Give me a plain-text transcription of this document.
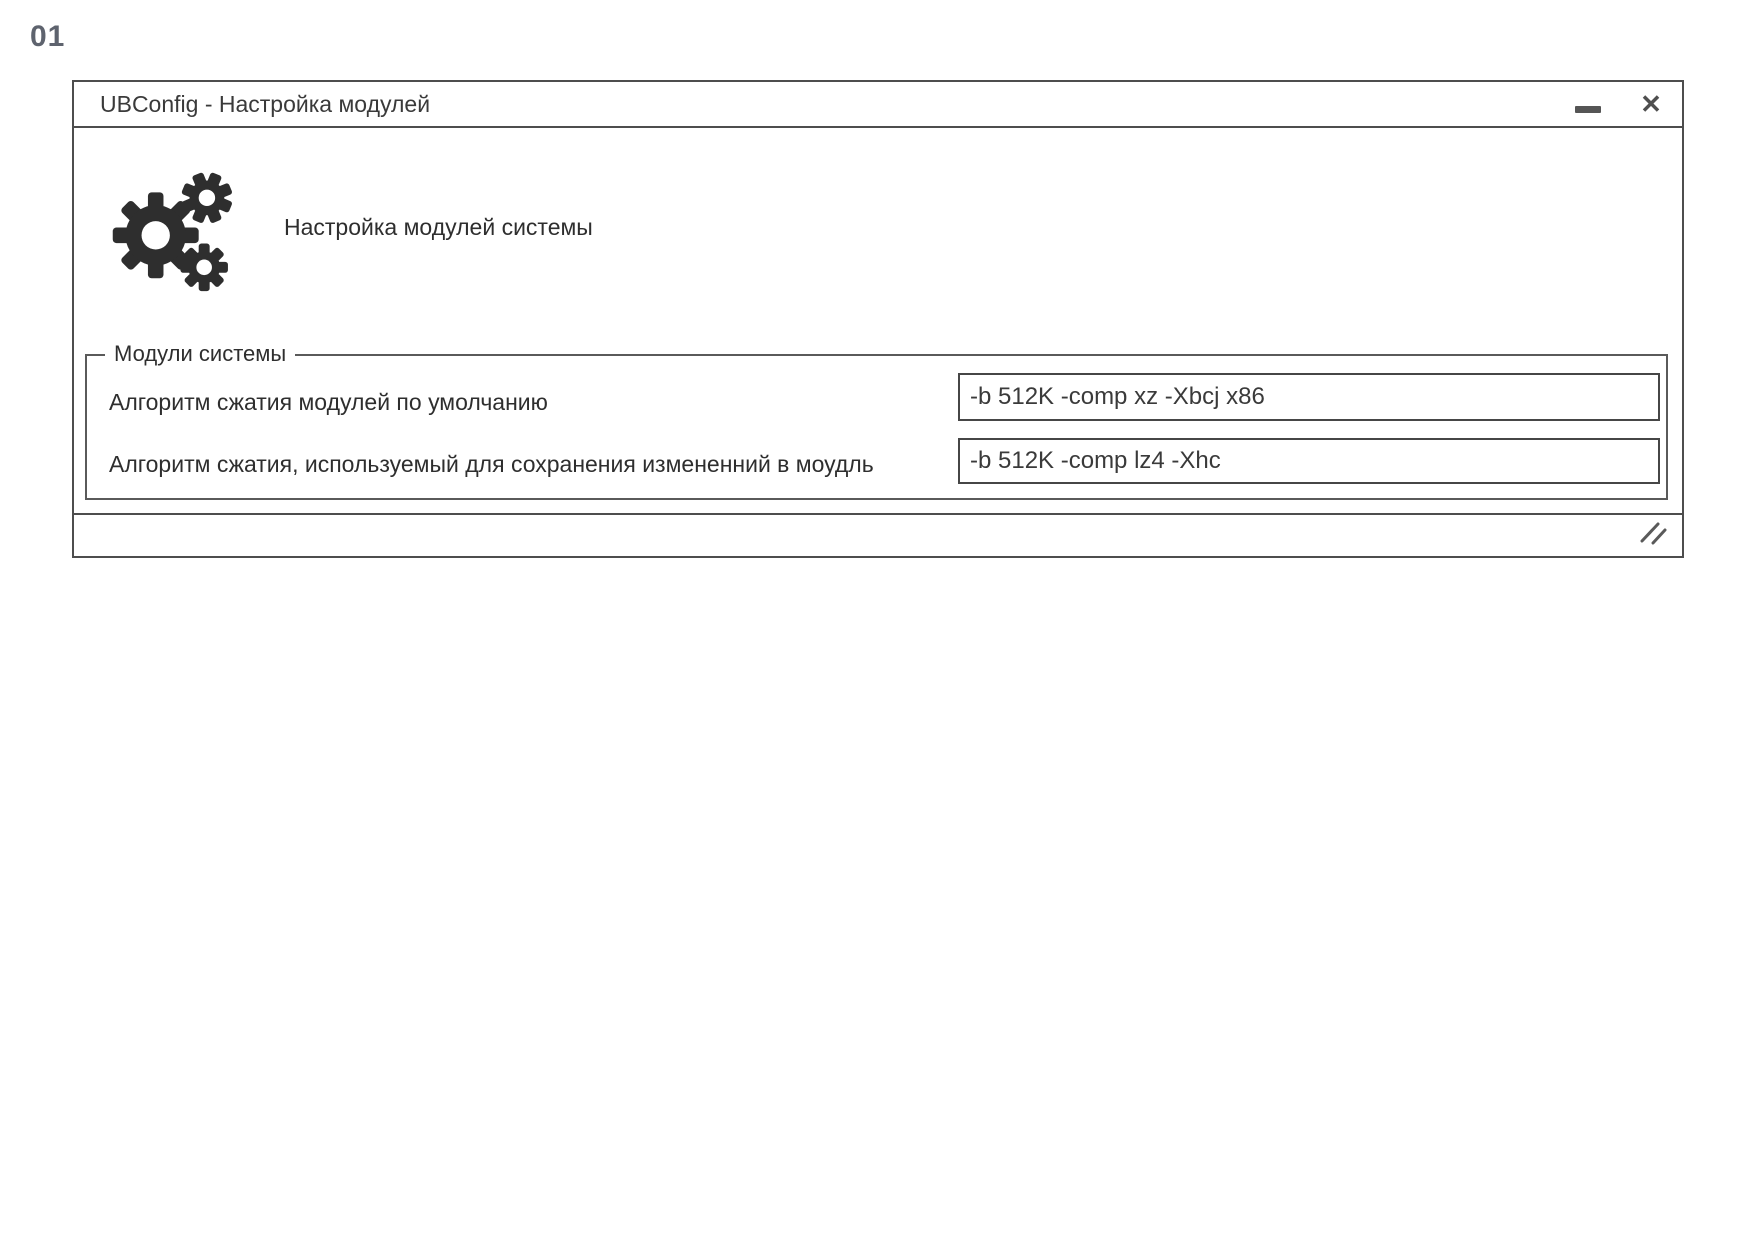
01
UBConfig - Настройка модулей	✕
Настройка модулей системы
Модули системы
Алгоритм сжатия модулей по умолчанию
-b 512K -comp xz -Xbcj x86
Алгоритм сжатия, используемый для сохранения измененний в моудль
-b 512K -comp lz4 -Xhc
